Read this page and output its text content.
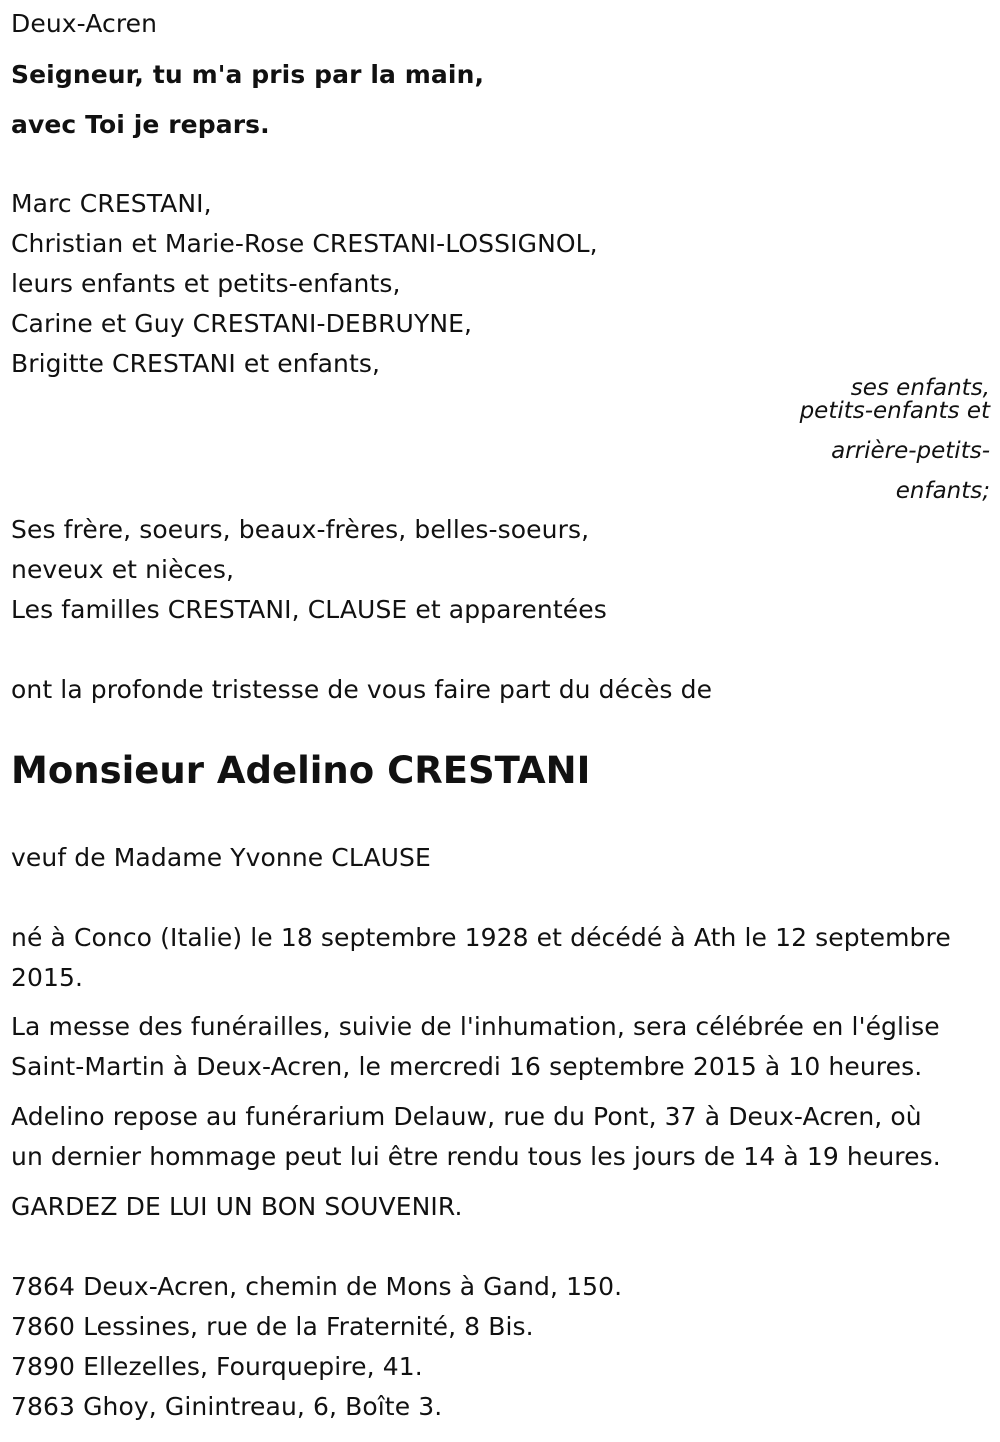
Deux-Acren
Seigneur, tu m'a pris par la main,
avec Toi je repars.
Marc CRESTANI,
Christian et Marie-Rose CRESTANI-LOSSIGNOL,
leurs enfants et petits-enfants,
Carine et Guy CRESTANI-DEBRUYNE,
Brigitte CRESTANI et enfants,
ses enfants,
petits-enfants et
arrière-petits-
enfants;
Ses frère, soeurs, beaux-frères, belles-soeurs,
neveux et nièces,
Les familles CRESTANI, CLAUSE et apparentées
ont la profonde tristesse de vous faire part du décès de
Monsieur Adelino CRESTANI
veuf de Madame Yvonne CLAUSE
né à Conco (Italie) le 18 septembre 1928 et décédé à Ath le 12 septembre
2015.
La messe des funérailles, suivie de l'inhumation, sera célébrée en l'église
Saint-Martin à Deux-Acren, le mercredi 16 septembre 2015 à 10 heures.
Adelino repose au funérarium Delauw, rue du Pont, 37 à Deux-Acren, où
un dernier hommage peut lui être rendu tous les jours de 14 à 19 heures.
GARDEZ DE LUI UN BON SOUVENIR.
7864 Deux-Acren, chemin de Mons à Gand, 150.
7860 Lessines, rue de la Fraternité, 8 Bis.
7890 Ellezelles, Fourquepire, 41.
7863 Ghoy, Ginintreau, 6, Boîte 3.
